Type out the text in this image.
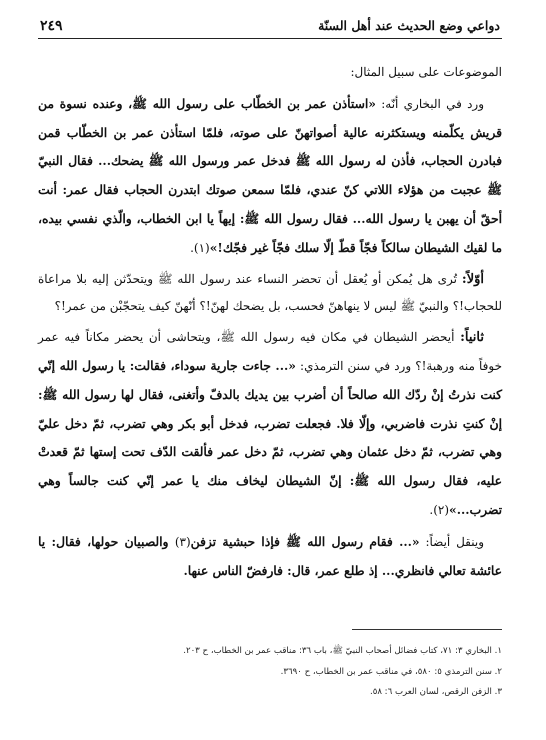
دواعي وضع الحديث عند أهل السنّة
٢٤٩

الموضوعات على سبيل المثال:

ورد في البخاري أنّه: «استأذن عمر بن الخطّاب على رسول الله ﷺ، وعنده نسوة من قريش يكلّمنه ويستكثرنه عالية أصواتهنّ على صوته، فلمّا استأذن عمر بن الخطّاب قمن فبادرن الحجاب، فأذن له رسول الله ﷺ فدخل عمر ورسول الله ﷺ يضحك... فقال النبيّ ﷺ عجبت من هؤلاء اللاتي كنّ عندي، فلمّا سمعن صوتك ابتدرن الحجاب فقال عمر: أنت أحقّ أن يهبن يا رسول الله... فقال رسول الله ﷺ: إيهاً يا ابن الخطاب، والّذي نفسي بيده، ما لقيك الشيطان سالكاً فجّاً قطّ إلّا سلك فجّاً غير فجّك!»(١).

أوّلاً: تُرى هل يُمكن أو يُعقل أن تحضر النساء عند رسول الله ﷺ ويتحدّثن إليه بلا مراعاة للحجاب!؟ والنبيّ ﷺ ليس لا ينهاهنّ فحسب، بل يضحك لهنّ!؟ أنّهنّ كيف يتحجّبْن من عمر!؟

ثانياً: أيحضر الشيطان في مكان فيه رسول الله ﷺ، ويتحاشى أن يحضر مكاناً فيه عمر خوفاً منه ورهبة!؟ ورد في سنن الترمذي: «... جاءت جارية سوداء، فقالت: يا رسول الله إنّي كنت نذرتُ إنْ ردّك الله صالحاً أن أضرب بين يديك بالدفّ وأتغنى، فقال لها رسول الله ﷺ: إنْ كنتِ نذرت فاضربي، وإلّا فلا. فجعلت تضرب، فدخل أبو بكر وهي تضرب، ثمّ دخل عليّ وهي تضرب، ثمّ دخل عثمان وهي تضرب، ثمّ دخل عمر فألقت الدّف تحت إستها ثمّ قعدتْ عليه، فقال رسول الله ﷺ: إنّ الشيطان ليخاف منك يا عمر إنّي كنت جالساً وهي تضرب...»(٢).

وينقل أيضاً: «... فقام رسول الله ﷺ فإذا حبشية تزفن(٣) والصبيان حولها، فقال: يا عائشة تعالي فانظري... إذ طلع عمر، قال: فارفضّ الناس عنها.

١. البخاري ٣: ٧١، كتاب فضائل أصحاب النبيّ ﷺ، باب ٣٦: مناقب عمر بن الخطاب، ح ٢٠٣.
٢. سنن الترمذي ٥: ٥٨٠، في مناقب عمر بن الخطاب، ح ٣٦٩٠.
٣. الزفن الرقص، لسان العرب ٦: ٥٨.
